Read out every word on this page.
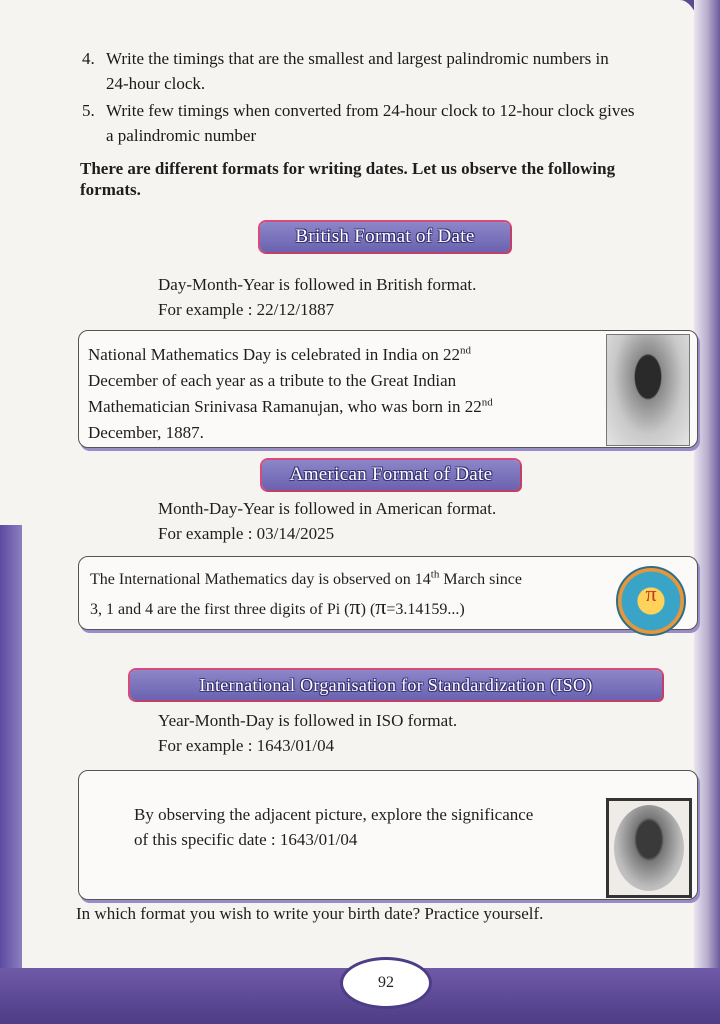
4. Write the timings that are the smallest and largest palindromic numbers in
24-hour clock.
5. Write few timings when converted from 24-hour clock to 12-hour clock gives
a palindromic number
There are different formats for writing dates. Let us observe the following
formats.
British Format of Date
Day-Month-Year is followed in British format.
For example : 22/12/1887
National Mathematics Day is celebrated in India on 22nd
December of each year as a tribute to the Great Indian
Mathematician Srinivasa Ramanujan, who was born in 22nd
December, 1887.
American Format of Date
Month-Day-Year is followed in American format.
For example : 03/14/2025
The International Mathematics day is observed on 14th March since
3, 1 and 4 are the first three digits of Pi (π) (π=3.14159...)
π
International Organisation for Standardization (ISO)
Year-Month-Day is followed in ISO format.
For example : 1643/01/04
By observing the adjacent picture, explore the significance
of this specific date : 1643/01/04
In which format you wish to write your birth date? Practice yourself.
92
